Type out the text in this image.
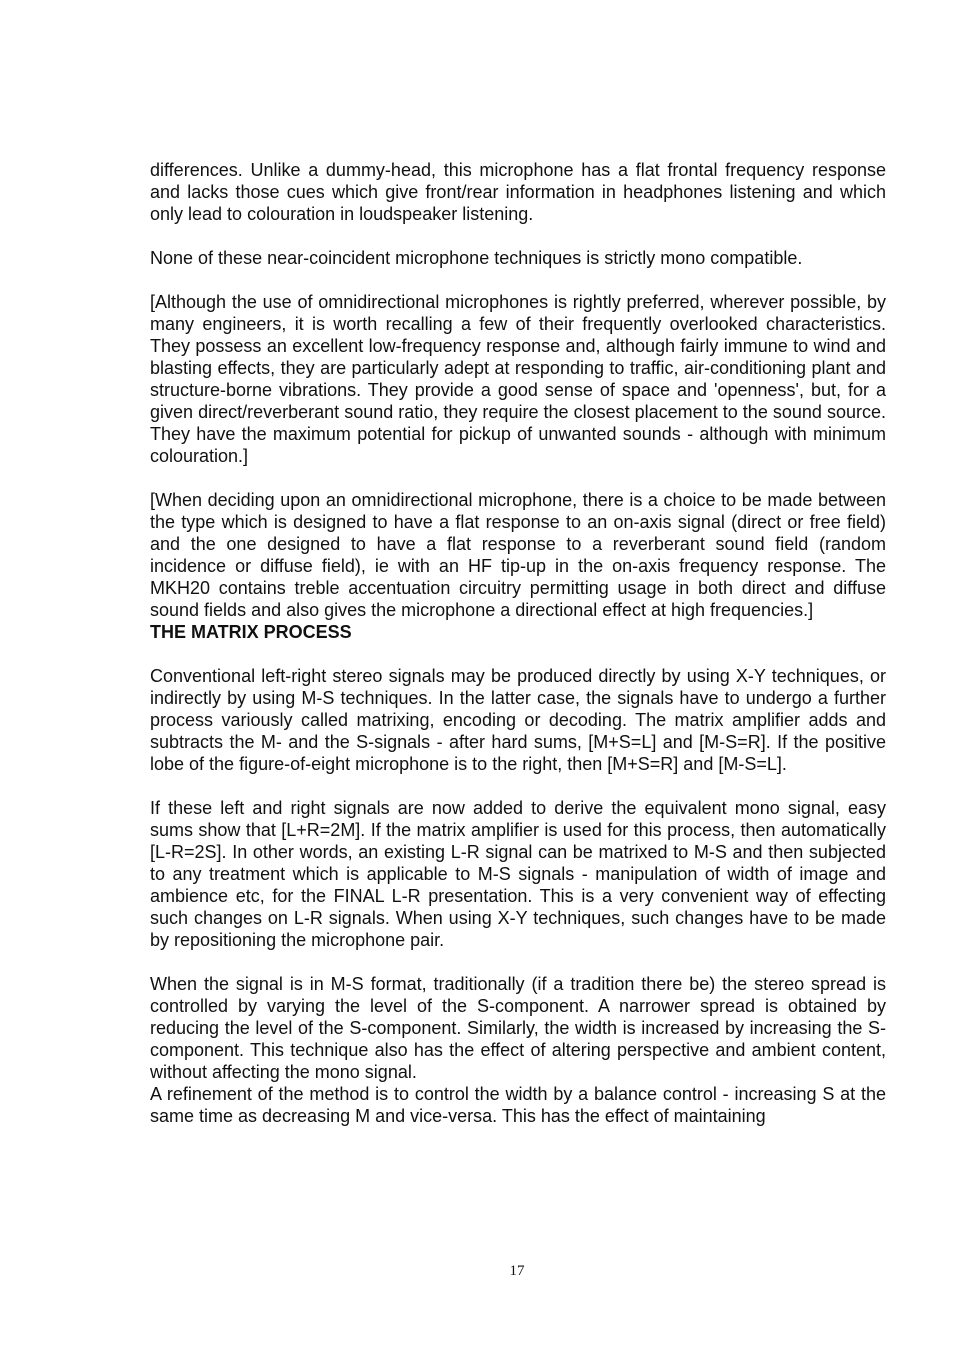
differences. Unlike a dummy-head, this microphone has a flat frontal frequency response and lacks those cues which give front/rear information in headphones listening and which only lead to colouration in loudspeaker listening.

None of these near-coincident microphone techniques is strictly mono compatible.

[Although the use of omnidirectional microphones is rightly preferred, wherever possible, by many engineers, it is worth recalling a few of their frequently overlooked characteristics. They possess an excellent low-frequency response and, although fairly immune to wind and blasting effects, they are particularly adept at responding to traffic, air-conditioning plant and structure-borne vibrations. They provide a good sense of space and 'openness', but, for a given direct/reverberant sound ratio, they require the closest placement to the sound source. They have the maximum potential for pickup of unwanted sounds - although with minimum colouration.]

[When deciding upon an omnidirectional microphone, there is a choice to be made between the type which is designed to have a flat response to an on-axis signal (direct or free field) and the one designed to have a flat response to a reverberant sound field (random incidence or diffuse field), ie with an HF tip-up in the on-axis frequency response. The MKH20 contains treble accentuation circuitry permitting usage in both direct and diffuse sound fields and also gives the microphone a directional effect at high frequencies.]

THE MATRIX PROCESS

Conventional left-right stereo signals may be produced directly by using X-Y techniques, or indirectly by using M-S techniques. In the latter case, the signals have to undergo a further process variously called matrixing, encoding or decoding. The matrix amplifier adds and subtracts the M- and the S-signals - after hard sums, [M+S=L] and [M-S=R]. If the positive lobe of the figure-of-eight microphone is to the right, then [M+S=R] and [M-S=L].

If these left and right signals are now added to derive the equivalent mono signal, easy sums show that [L+R=2M]. If the matrix amplifier is used for this process, then automatically [L-R=2S]. In other words, an existing L-R signal can be matrixed to M-S and then subjected to any treatment which is applicable to M-S signals - manipulation of width of image and ambience etc, for the FINAL L-R presentation. This is a very convenient way of effecting such changes on L-R signals. When using X-Y techniques, such changes have to be made by repositioning the microphone pair.

When the signal is in M-S format, traditionally (if a tradition there be) the stereo spread is controlled by varying the level of the S-component. A narrower spread is obtained by reducing the level of the S-component. Similarly, the width is increased by increasing the S-component. This technique also has the effect of altering perspective and ambient content, without affecting the mono signal.

A refinement of the method is to control the width by a balance control - increasing S at the same time as decreasing M and vice-versa. This has the effect of maintaining

17
